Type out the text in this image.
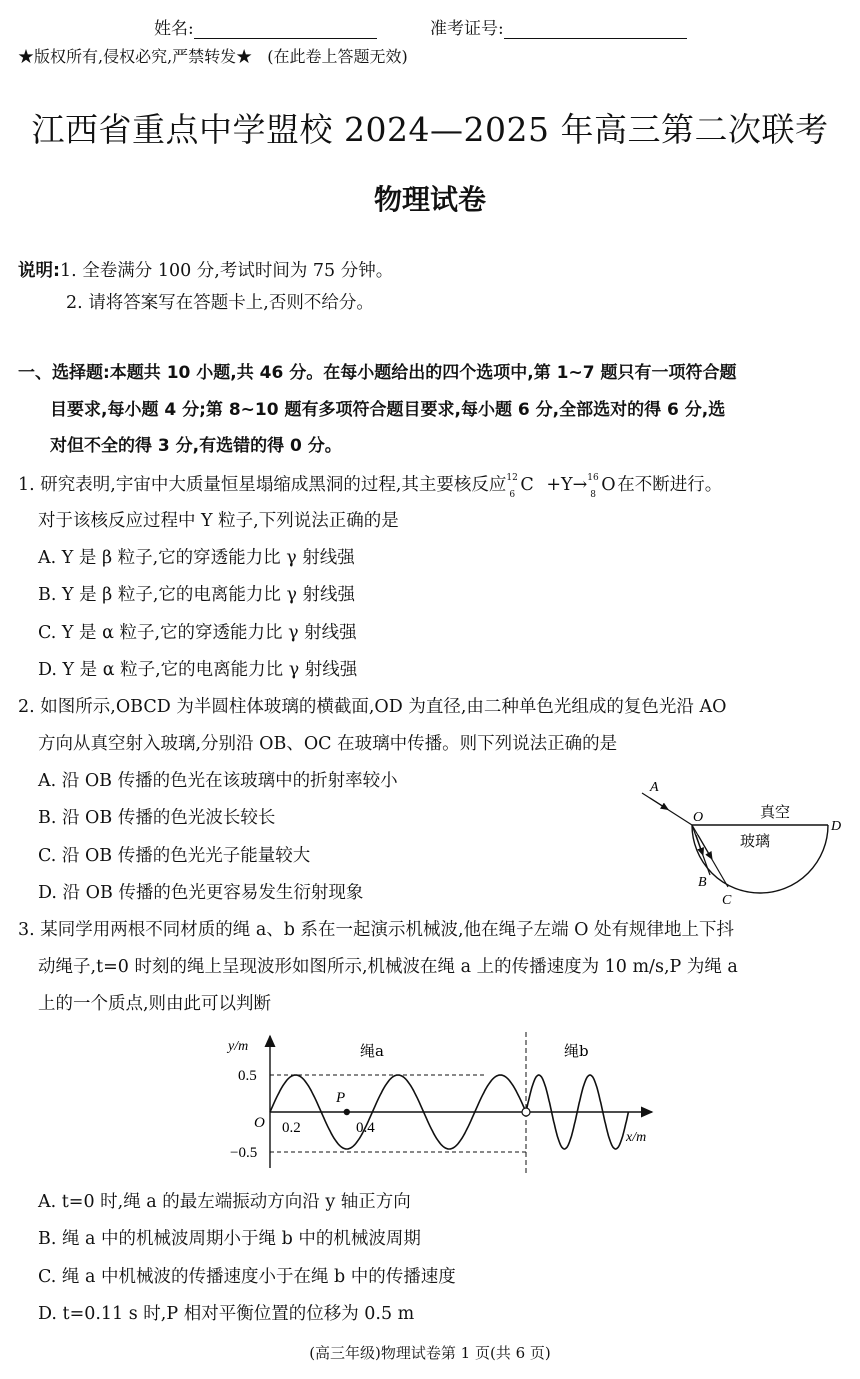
姓名:	准考证号:
★版权所有,侵权必究,严禁转发★ (在此卷上答题无效)
江西省重点中学盟校 2024—2025 年高三第二次联考
物理试卷
说明:1. 全卷满分 100 分,考试时间为 75 分钟。
2. 请将答案写在答题卡上,否则不给分。
一、选择题:本题共 10 小题,共 46 分。在每小题给出的四个选项中,第 1~7 题只有一项符合题
目要求,每小题 4 分;第 8~10 题有多项符合题目要求,每小题 6 分,全部选对的得 6 分,选
对但不全的得 3 分,有选错的得 0 分。
1. 研究表明,宇宙中大质量恒星塌缩成黑洞的过程,其主要核反应 12
6 C +Y→ 16
8 O在不断进行。
对于该核反应过程中 Y 粒子,下列说法正确的是
A. Y 是 β 粒子,它的穿透能力比 γ 射线强
B. Y 是 β 粒子,它的电离能力比 γ 射线强
C. Y 是 α 粒子,它的穿透能力比 γ 射线强
D. Y 是 α 粒子,它的电离能力比 γ 射线强
2. 如图所示,OBCD 为半圆柱体玻璃的横截面,OD 为直径,由二种单色光组成的复色光沿 AO
方向从真空射入玻璃,分别沿 OB、OC 在玻璃中传播。则下列说法正确的是
A. 沿 OB 传播的色光在该玻璃中的折射率较小
B. 沿 OB 传播的色光波长较长
C. 沿 OB 传播的色光光子能量较大
D. 沿 OB 传播的色光更容易发生衍射现象
A
O
D
B
C
真空
玻璃
3. 某同学用两根不同材质的绳 a、b 系在一起演示机械波,他在绳子左端 O 处有规律地上下抖
动绳子,t=0 时刻的绳上呈现波形如图所示,机械波在绳 a 上的传播速度为 10 m/s,P 为绳 a
上的一个质点,则由此可以判断
y/m
x/m
绳a	绳b
O
P
0.2	0.4
0.5
−0.5
A. t=0 时,绳 a 的最左端振动方向沿 y 轴正方向
B. 绳 a 中的机械波周期小于绳 b 中的机械波周期
C. 绳 a 中机械波的传播速度小于在绳 b 中的传播速度
D. t=0.11 s 时,P 相对平衡位置的位移为 0.5 m
(高三年级)物理试卷第 1 页(共 6 页)
